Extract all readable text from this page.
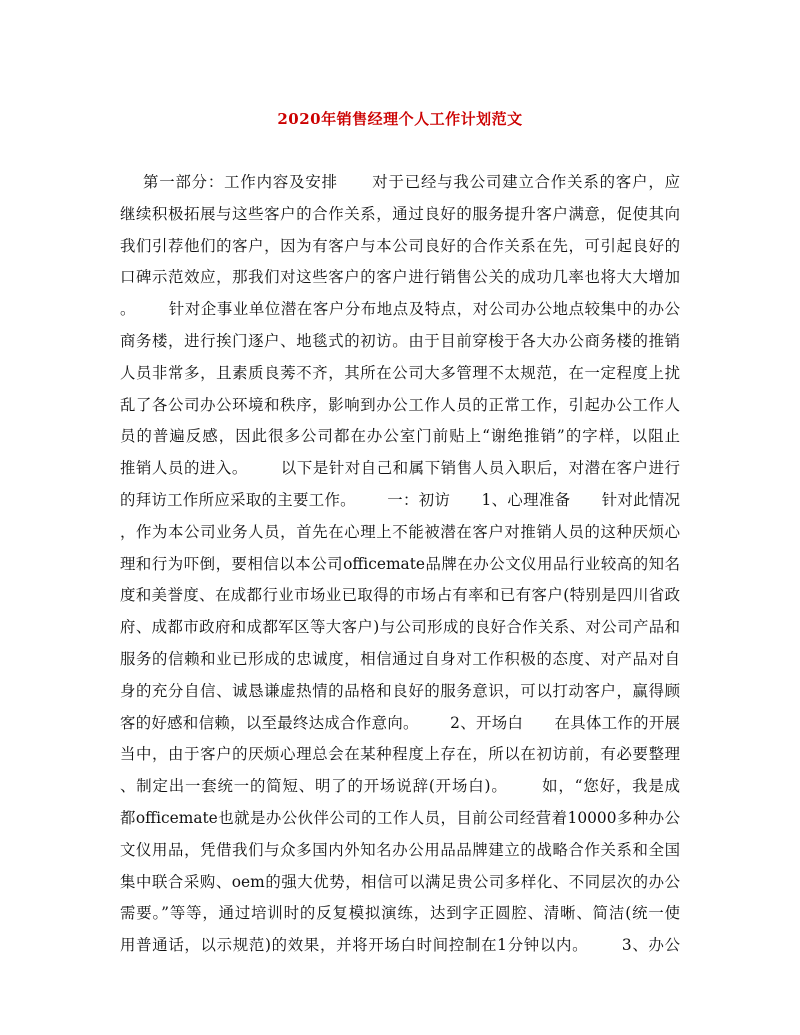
2020年销售经理个人工作计划范文
第一部分：工作内容及安排      对于已经与我公司建立合作关系的客户，应
继续积极拓展与这些客户的合作关系，通过良好的服务提升客户满意，促使其向
我们引荐他们的客户，因为有客户与本公司良好的合作关系在先，可引起良好的
口碑示范效应，那我们对这些客户的客户进行销售公关的成功几率也将大大增加
。      针对企事业单位潜在客户分布地点及特点，对公司办公地点较集中的办公
商务楼，进行挨门逐户、地毯式的初访。由于目前穿梭于各大办公商务楼的推销
人员非常多，且素质良莠不齐，其所在公司大多管理不太规范，在一定程度上扰
乱了各公司办公环境和秩序，影响到办公工作人员的正常工作，引起办公工作人
员的普遍反感，因此很多公司都在办公室门前贴上“谢绝推销”的字样，以阻止
推销人员的进入。      以下是针对自己和属下销售人员入职后，对潜在客户进行
的拜访工作所应采取的主要工作。      一：初访      1、心理准备      针对此情况
，作为本公司业务人员，首先在心理上不能被潜在客户对推销人员的这种厌烦心
理和行为吓倒，要相信以本公司officemate品牌在办公文仪用品行业较高的知名
度和美誉度、在成都行业市场业已取得的市场占有率和已有客户(特别是四川省政
府、成都市政府和成都军区等大客户)与公司形成的良好合作关系、对公司产品和
服务的信赖和业已形成的忠诚度，相信通过自身对工作积极的态度、对产品对自
身的充分自信、诚恳谦虚热情的品格和良好的服务意识，可以打动客户，赢得顾
客的好感和信赖，以至最终达成合作意向。      2、开场白      在具体工作的开展
当中，由于客户的厌烦心理总会在某种程度上存在，所以在初访前，有必要整理
、制定出一套统一的简短、明了的开场说辞(开场白)。      如，“您好，我是成
都officemate也就是办公伙伴公司的工作人员，目前公司经营着10000多种办公
文仪用品，凭借我们与众多国内外知名办公用品品牌建立的战略合作关系和全国
集中联合采购、oem的强大优势，相信可以满足贵公司多样化、不同层次的办公
需要。”等等，通过培训时的反复模拟演练，达到字正圆腔、清晰、简洁(统一使
用普通话，以示规范)的效果，并将开场白时间控制在1分钟以内。      3、办公
